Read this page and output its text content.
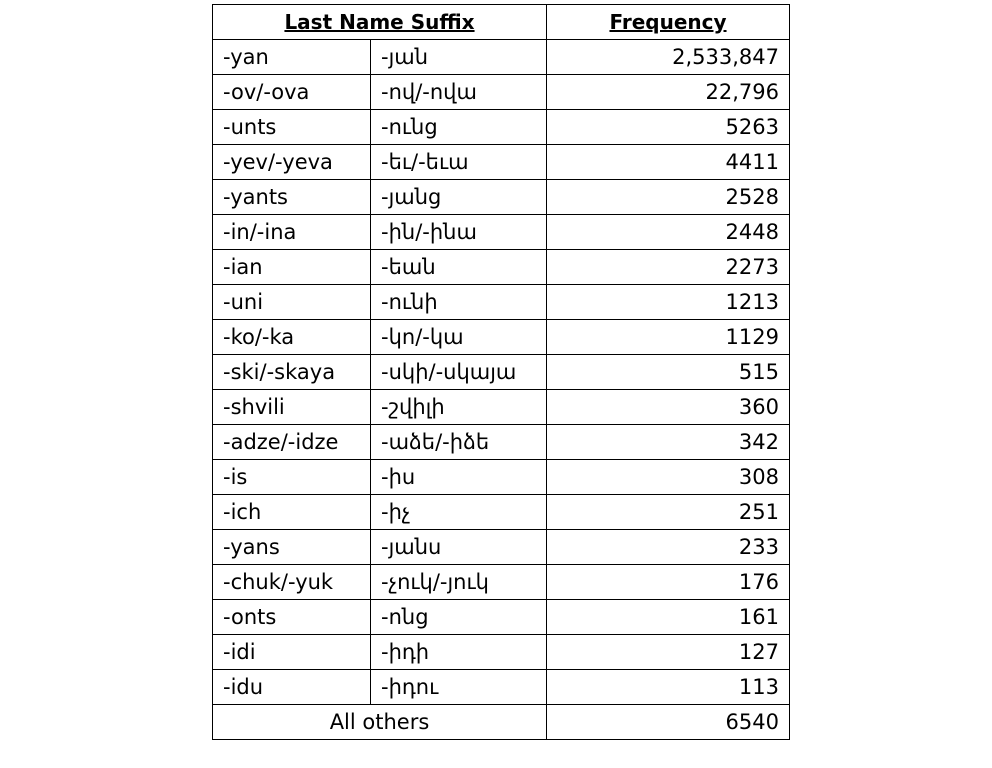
Last Name Suffix		Frequency
-yan	-յան	2,533,847
-ov/-ova	-ով/-ովա	22,796
-unts	-ունց	5263
-yev/-yeva	-եւ/-եւա	4411
-yants	-յանց	2528
-in/-ina	-ին/-ինա	2448
-ian	-եան	2273
-uni	-ունի	1213
-ko/-ka	-կո/-կա	1129
-ski/-skaya	-սկի/-սկայա	515
-shvili	-շվիլի	360
-adze/-idze	-աձե/-իձե	342
-is	-իս	308
-ich	-իչ	251
-yans	-յանս	233
-chuk/-yuk	-չուկ/-յուկ	176
-onts	-ոնց	161
-idi	-իդի	127
-idu	-իդու	113
All others		6540
